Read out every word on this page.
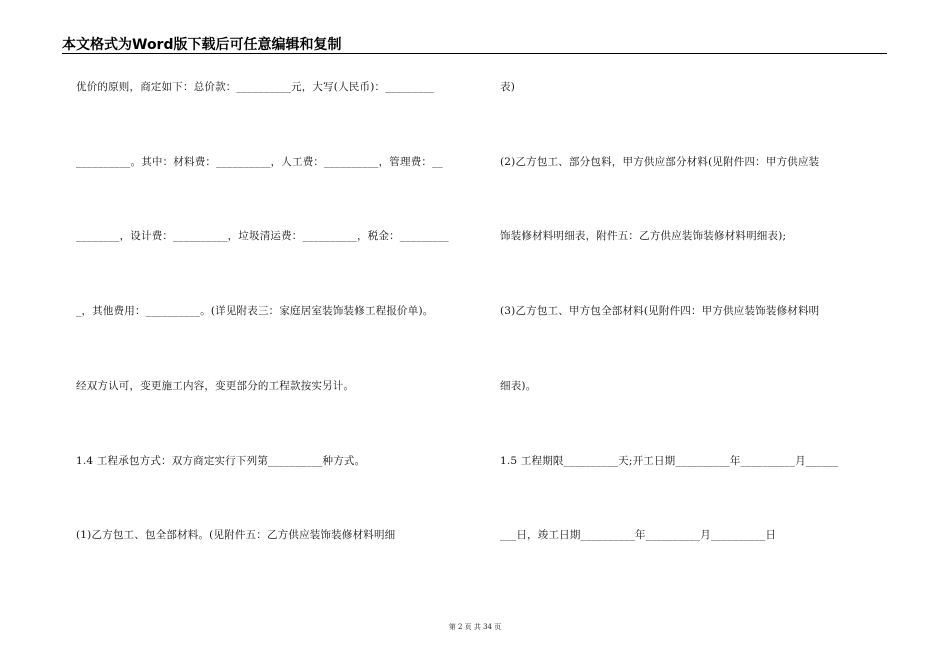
本文格式为Word版下载后可任意编辑和复制
优价的原则，商定如下：总价款：__________元，大写(人民币)：_________
__________。其中：材料费：__________，人工费：__________，管理费：__
________，设计费：__________，垃圾清运费：__________，税金：_________
_，其他费用：__________。(详见附表三：家庭居室装饰装修工程报价单)。
经双方认可，变更施工内容，变更部分的工程款按实另计。
1.4 工程承包方式：双方商定实行下列第__________种方式。
(1)乙方包工、包全部材料。(见附件五：乙方供应装饰装修材料明细
表)
(2)乙方包工、部分包料，甲方供应部分材料(见附件四：甲方供应装
饰装修材料明细表，附件五：乙方供应装饰装修材料明细表);
(3)乙方包工、甲方包全部材料(见附件四：甲方供应装饰装修材料明
细表)。
1.5 工程期限__________天;开工日期__________年__________月______
___日，竣工日期__________年__________月__________日
第 2 页 共 34 页
